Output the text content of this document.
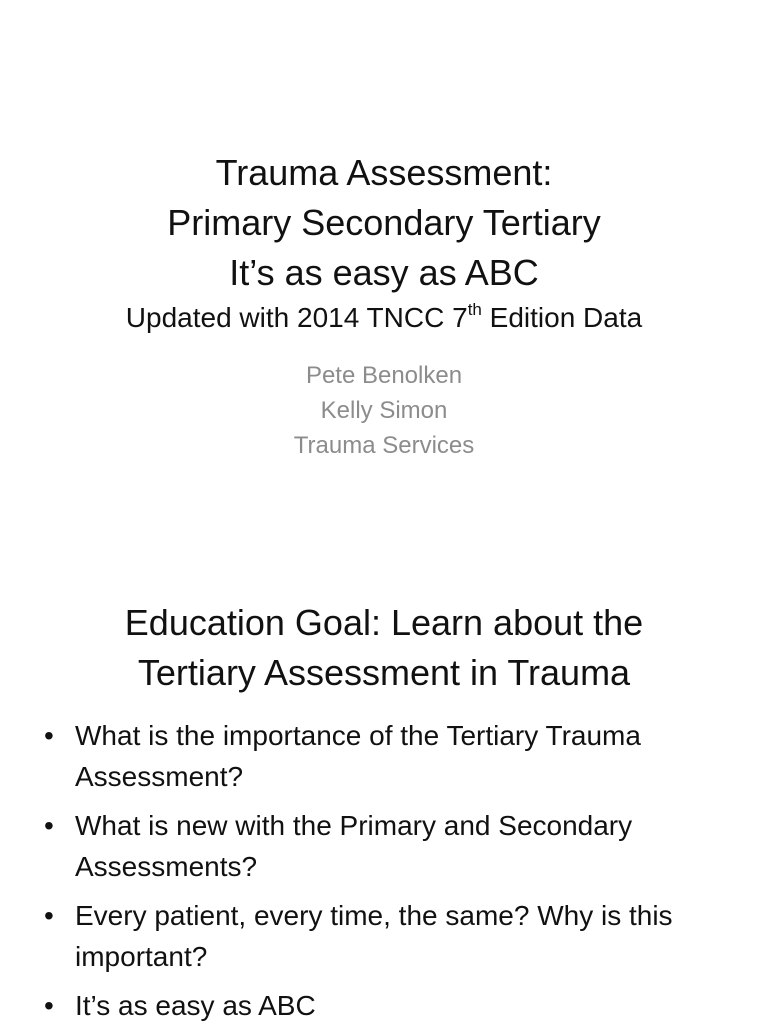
Trauma Assessment:
Primary Secondary Tertiary
It’s as easy as ABC
Updated with 2014 TNCC 7th Edition Data
Pete Benolken
Kelly Simon
Trauma Services
Education Goal: Learn about the
Tertiary Assessment in Trauma
• What is the importance of the Tertiary Trauma Assessment?
• What is new with the Primary and Secondary Assessments?
• Every patient, every time, the same? Why is this important?
• It’s as easy as ABC
